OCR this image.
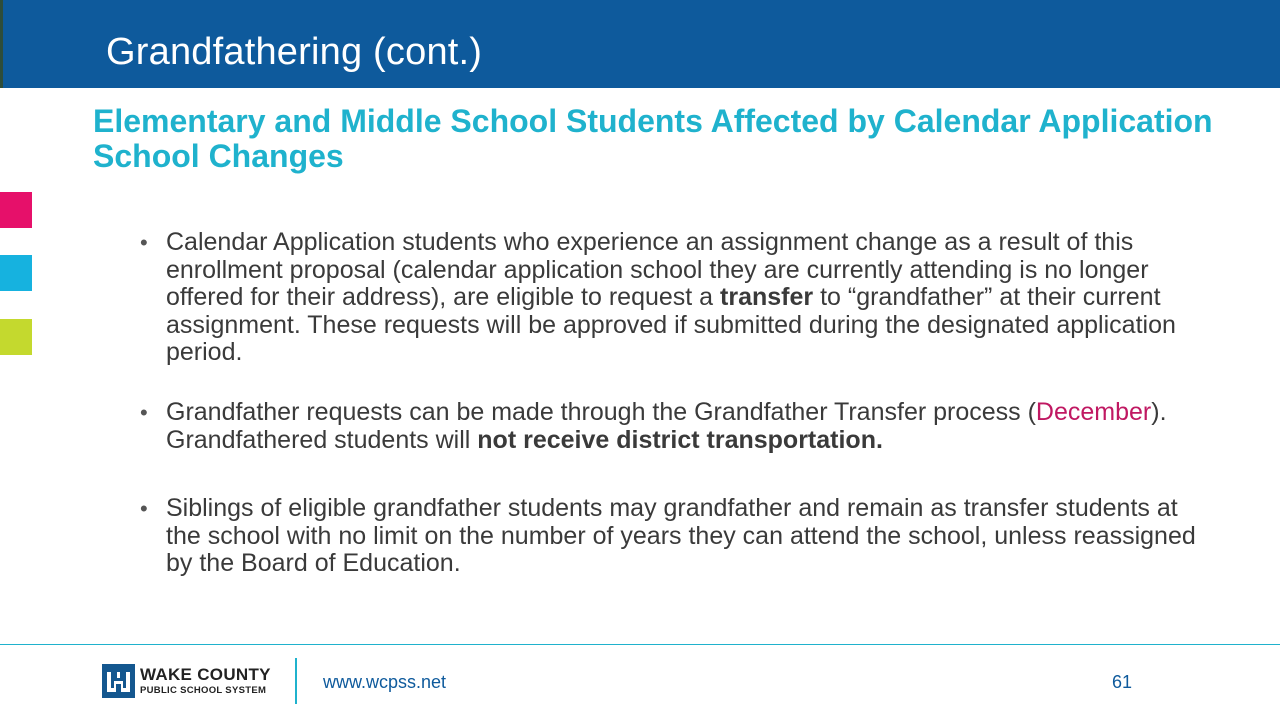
Grandfathering (cont.)
Elementary and Middle School Students Affected by Calendar Application School Changes
• Calendar Application students who experience an assignment change as a result of this enrollment proposal (calendar application school they are currently attending is no longer offered for their address), are eligible to request a transfer to “grandfather” at their current assignment. These requests will be approved if submitted during the designated application period.
• Grandfather requests can be made through the Grandfather Transfer process (December). Grandfathered students will not receive district transportation.
• Siblings of eligible grandfather students may grandfather and remain as transfer students at the school with no limit on the number of years they can attend the school, unless reassigned by the Board of Education.
WAKE COUNTY
PUBLIC SCHOOL SYSTEM	www.wcpss.net	61
